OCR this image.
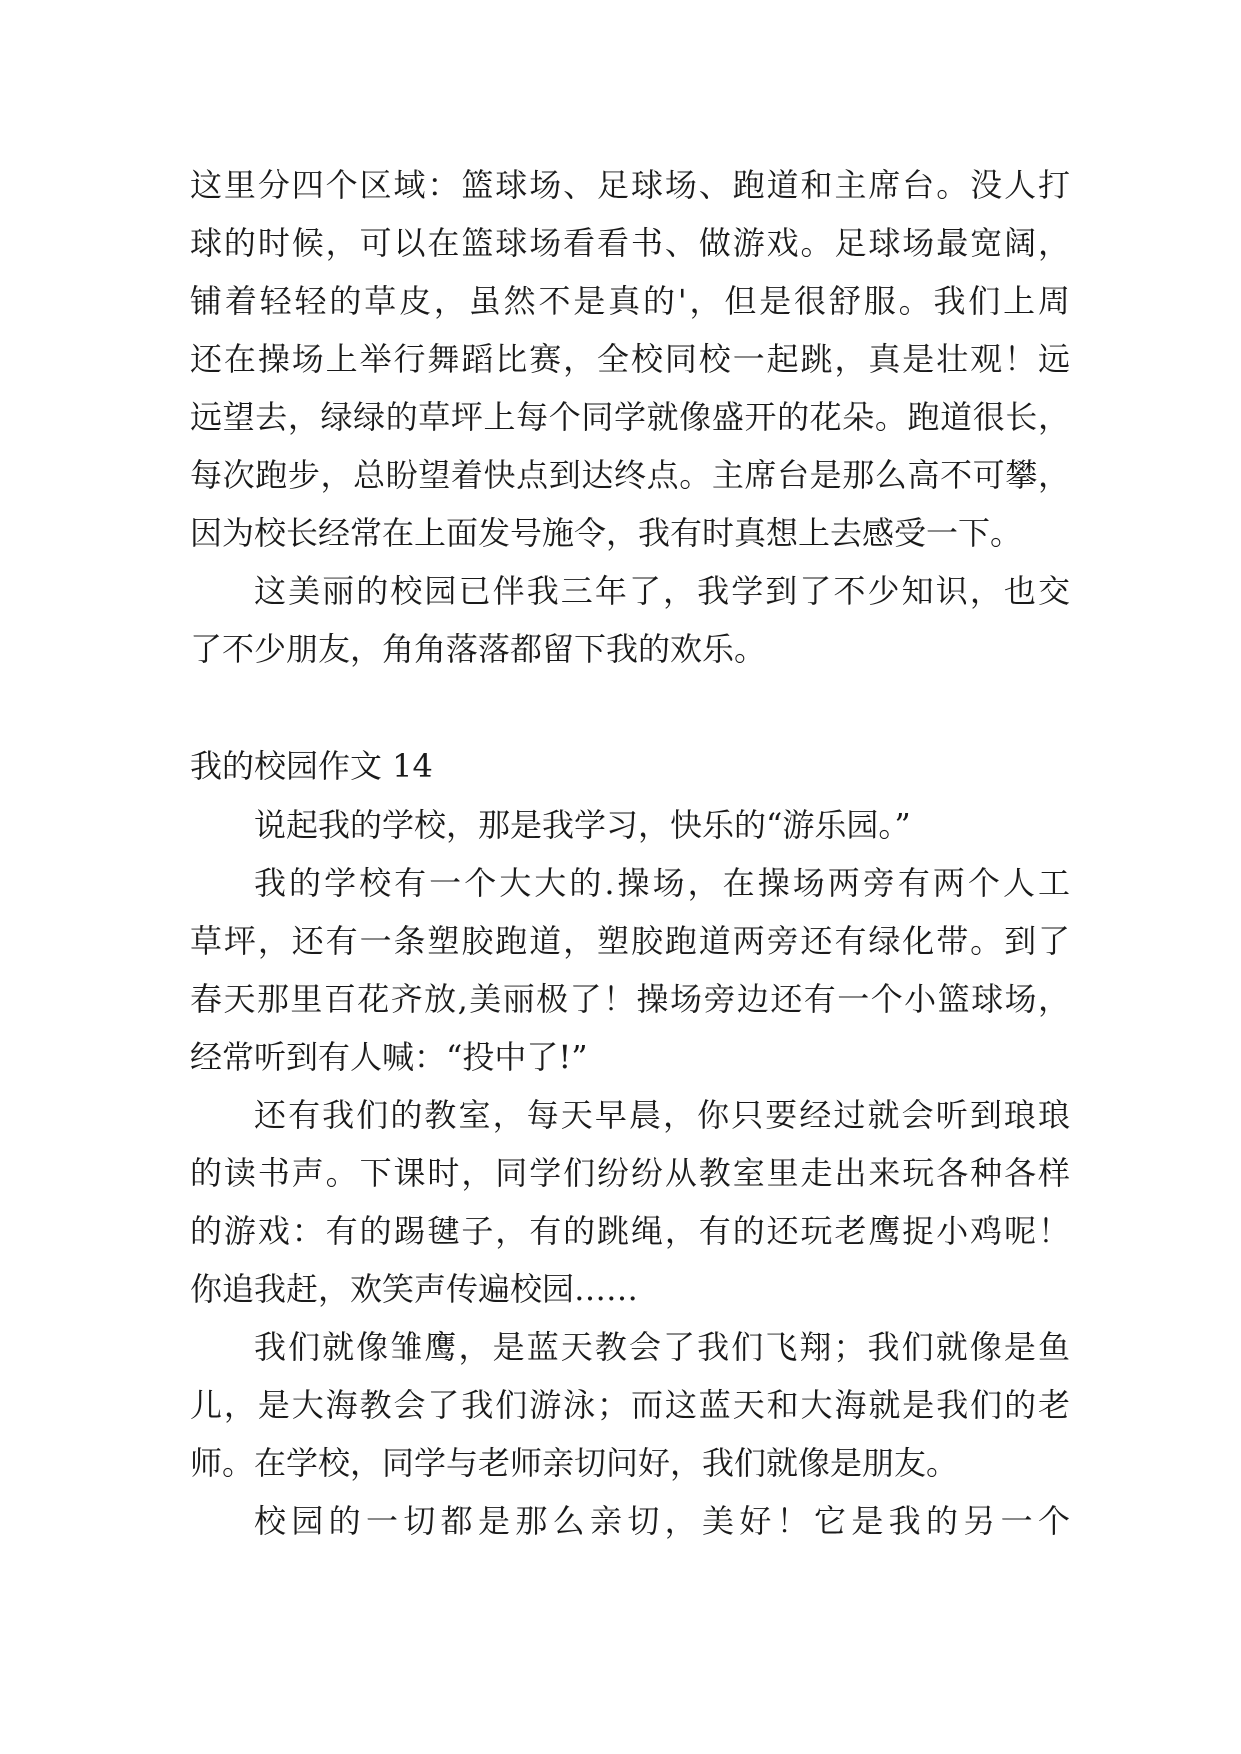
这里分四个区域：篮球场、足球场、跑道和主席台。没人打
球的时候，可以在篮球场看看书、做游戏。足球场最宽阔，
铺着轻轻的草皮，虽然不是真的'，但是很舒服。我们上周
还在操场上举行舞蹈比赛，全校同校一起跳，真是壮观！远
远望去，绿绿的草坪上每个同学就像盛开的花朵。跑道很长，
每次跑步，总盼望着快点到达终点。主席台是那么高不可攀，
因为校长经常在上面发号施令，我有时真想上去感受一下。
这美丽的校园已伴我三年了，我学到了不少知识，也交
了不少朋友，角角落落都留下我的欢乐。
我的校园作文 14
说起我的学校，那是我学习，快乐的“游乐园。”
我的学校有一个大大的.操场，在操场两旁有两个人工
草坪，还有一条塑胶跑道，塑胶跑道两旁还有绿化带。到了
春天那里百花齐放,美丽极了！操场旁边还有一个小篮球场，
经常听到有人喊：“投中了!”
还有我们的教室，每天早晨，你只要经过就会听到琅琅
的读书声。下课时，同学们纷纷从教室里走出来玩各种各样
的游戏：有的踢毽子，有的跳绳，有的还玩老鹰捉小鸡呢！
你追我赶，欢笑声传遍校园……
我们就像雏鹰，是蓝天教会了我们飞翔；我们就像是鱼
儿，是大海教会了我们游泳；而这蓝天和大海就是我们的老
师。在学校，同学与老师亲切问好，我们就像是朋友。
校园的一切都是那么亲切，美好！它是我的另一个
